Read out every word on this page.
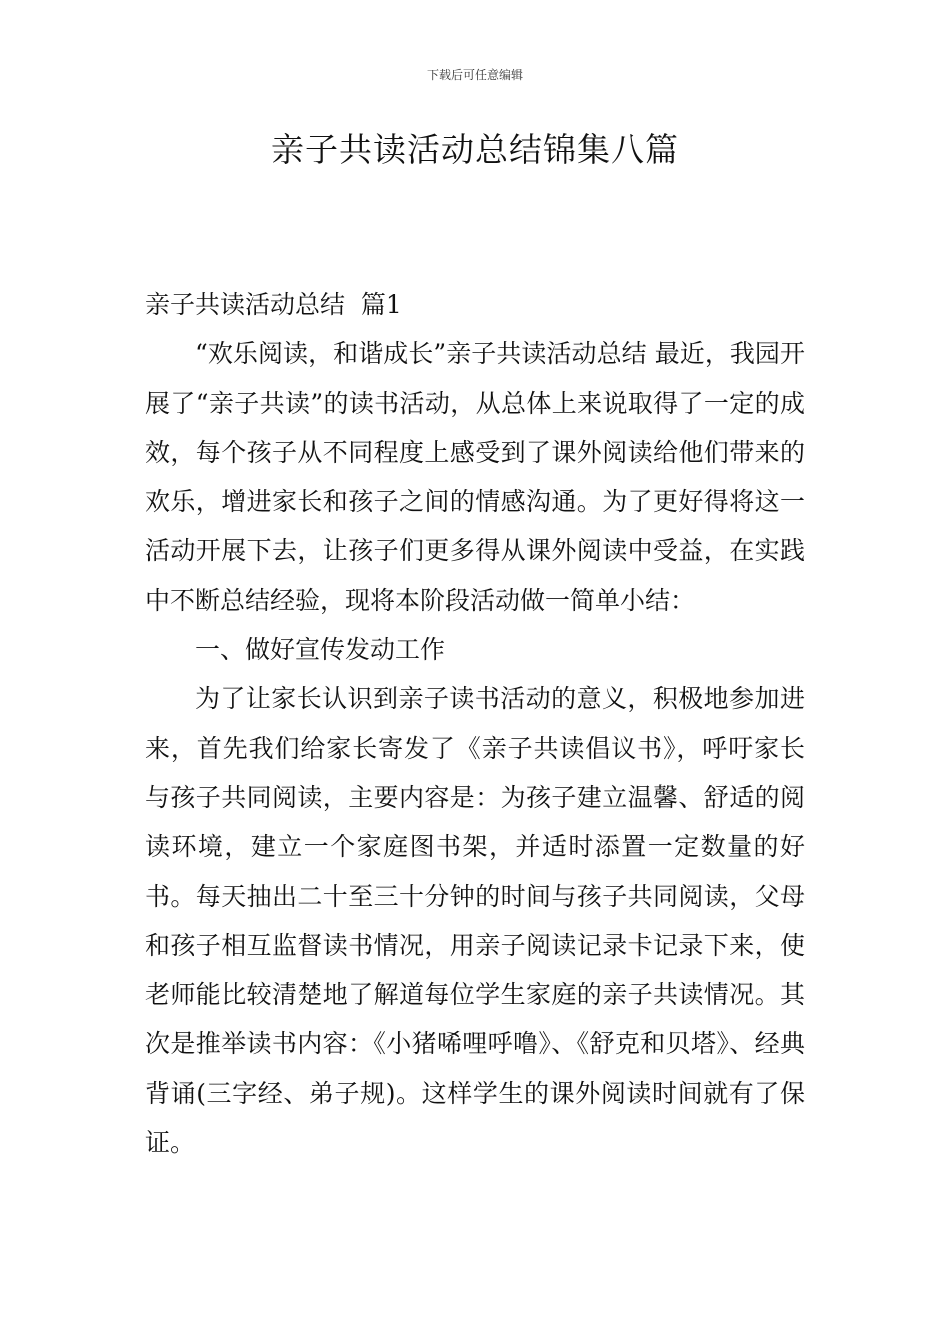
下载后可任意编辑
亲子共读活动总结锦集八篇

亲子共读活动总结  篇1

“欢乐阅读，和谐成长”亲子共读活动总结 最近，我园开展了“亲子共读”的读书活动，从总体上来说取得了一定的成效，每个孩子从不同程度上感受到了课外阅读给他们带来的欢乐，增进家长和孩子之间的情感沟通。为了更好得将这一活动开展下去，让孩子们更多得从课外阅读中受益，在实践中不断总结经验，现将本阶段活动做一简单小结：

一、做好宣传发动工作

为了让家长认识到亲子读书活动的意义，积极地参加进来，首先我们给家长寄发了《亲子共读倡议书》，呼吁家长与孩子共同阅读，主要内容是：为孩子建立温馨、舒适的阅读环境，建立一个家庭图书架，并适时添置一定数量的好书。每天抽出二十至三十分钟的时间与孩子共同阅读，父母和孩子相互监督读书情况，用亲子阅读记录卡记录下来，使老师能比较清楚地了解道每位学生家庭的亲子共读情况。其次是推举读书内容：《小猪唏哩呼噜》、《舒克和贝塔》、经典背诵(三字经、弟子规)。这样学生的课外阅读时间就有了保证。
